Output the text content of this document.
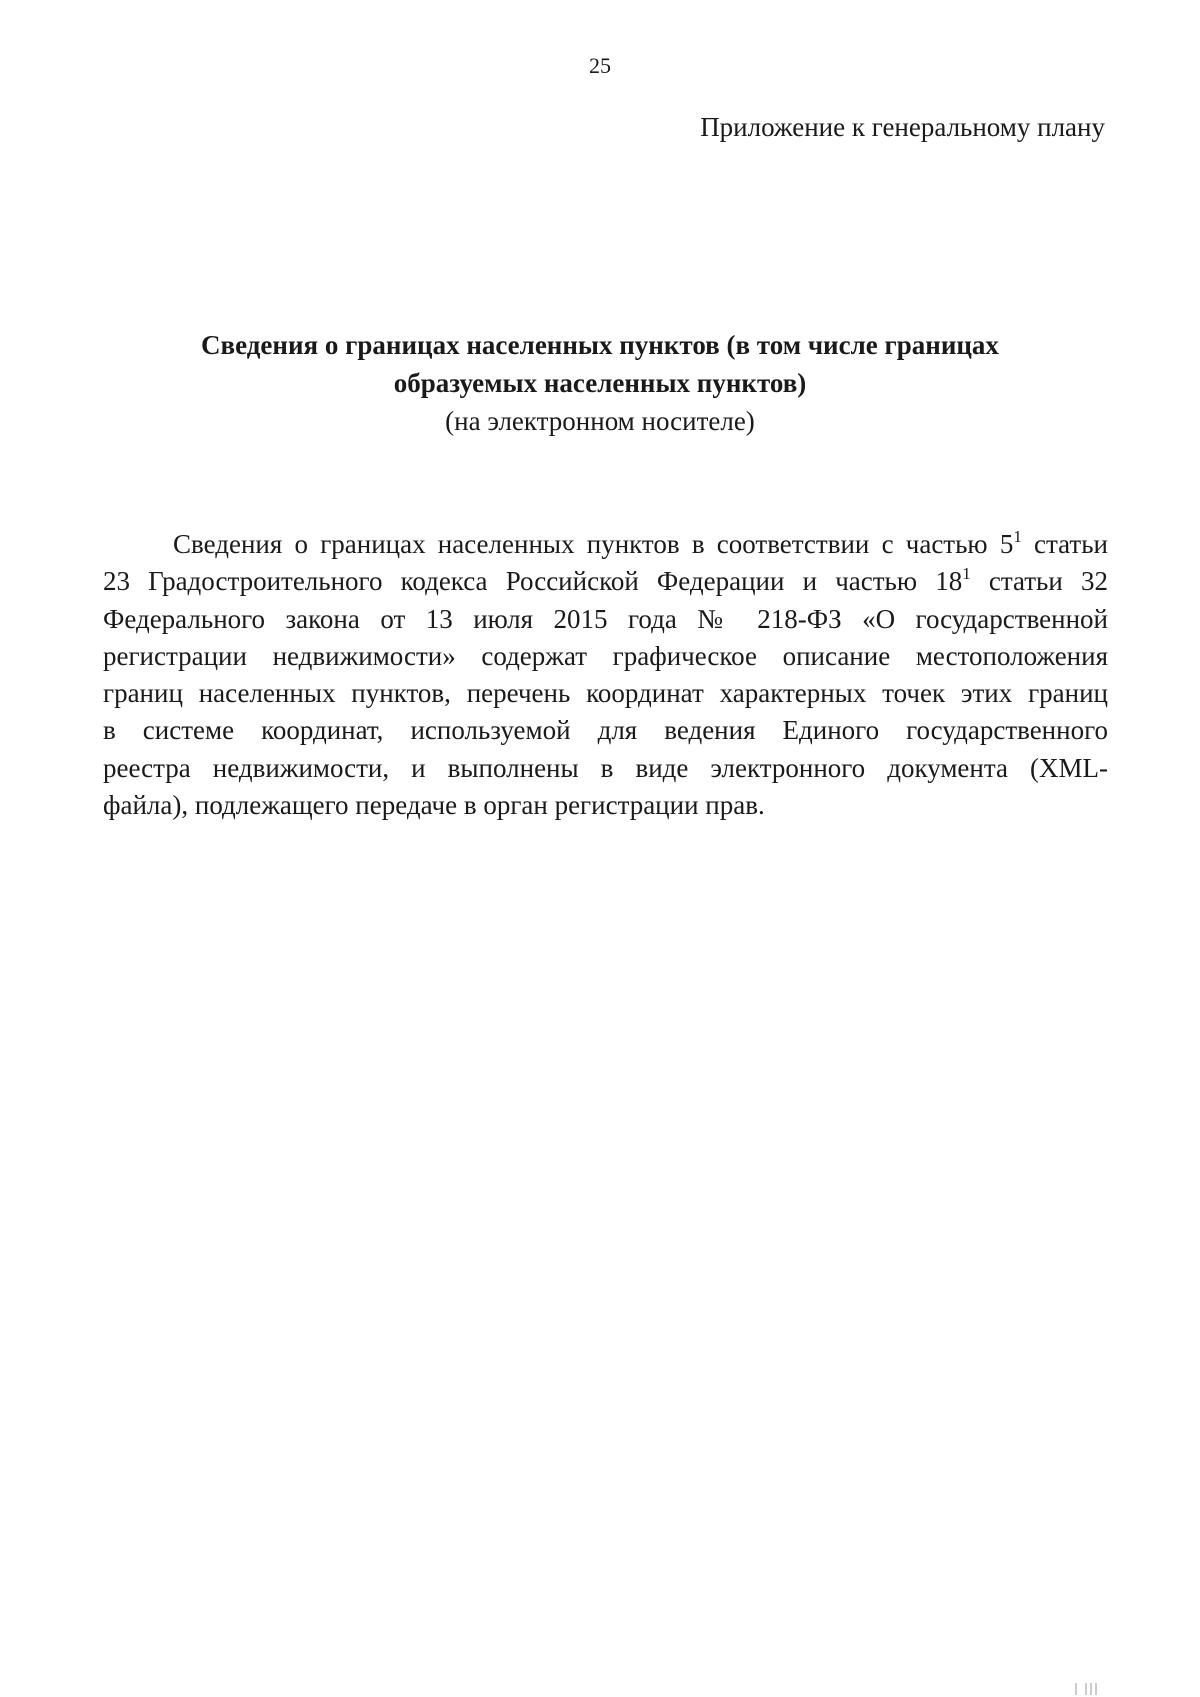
25
Приложение к генеральному плану
Сведения о границах населенных пунктов (в том числе границах
образуемых населенных пунктов)
(на электронном носителе)
Сведения о границах населенных пунктов в соответствии с частью $5^1$ статьи
23 Градостроительного кодекса Российской Федерации и частью $18^1$ статьи 32
Федерального закона от 13 июля 2015 года № 218-ФЗ «О государственной
регистрации недвижимости» содержат графическое описание местоположения
границ населенных пунктов, перечень координат характерных точек этих границ
в системе координат, используемой для ведения Единого государственного
реестра недвижимости, и выполнены в виде электронного документа (XML-
файла), подлежащего передаче в орган регистрации прав.
